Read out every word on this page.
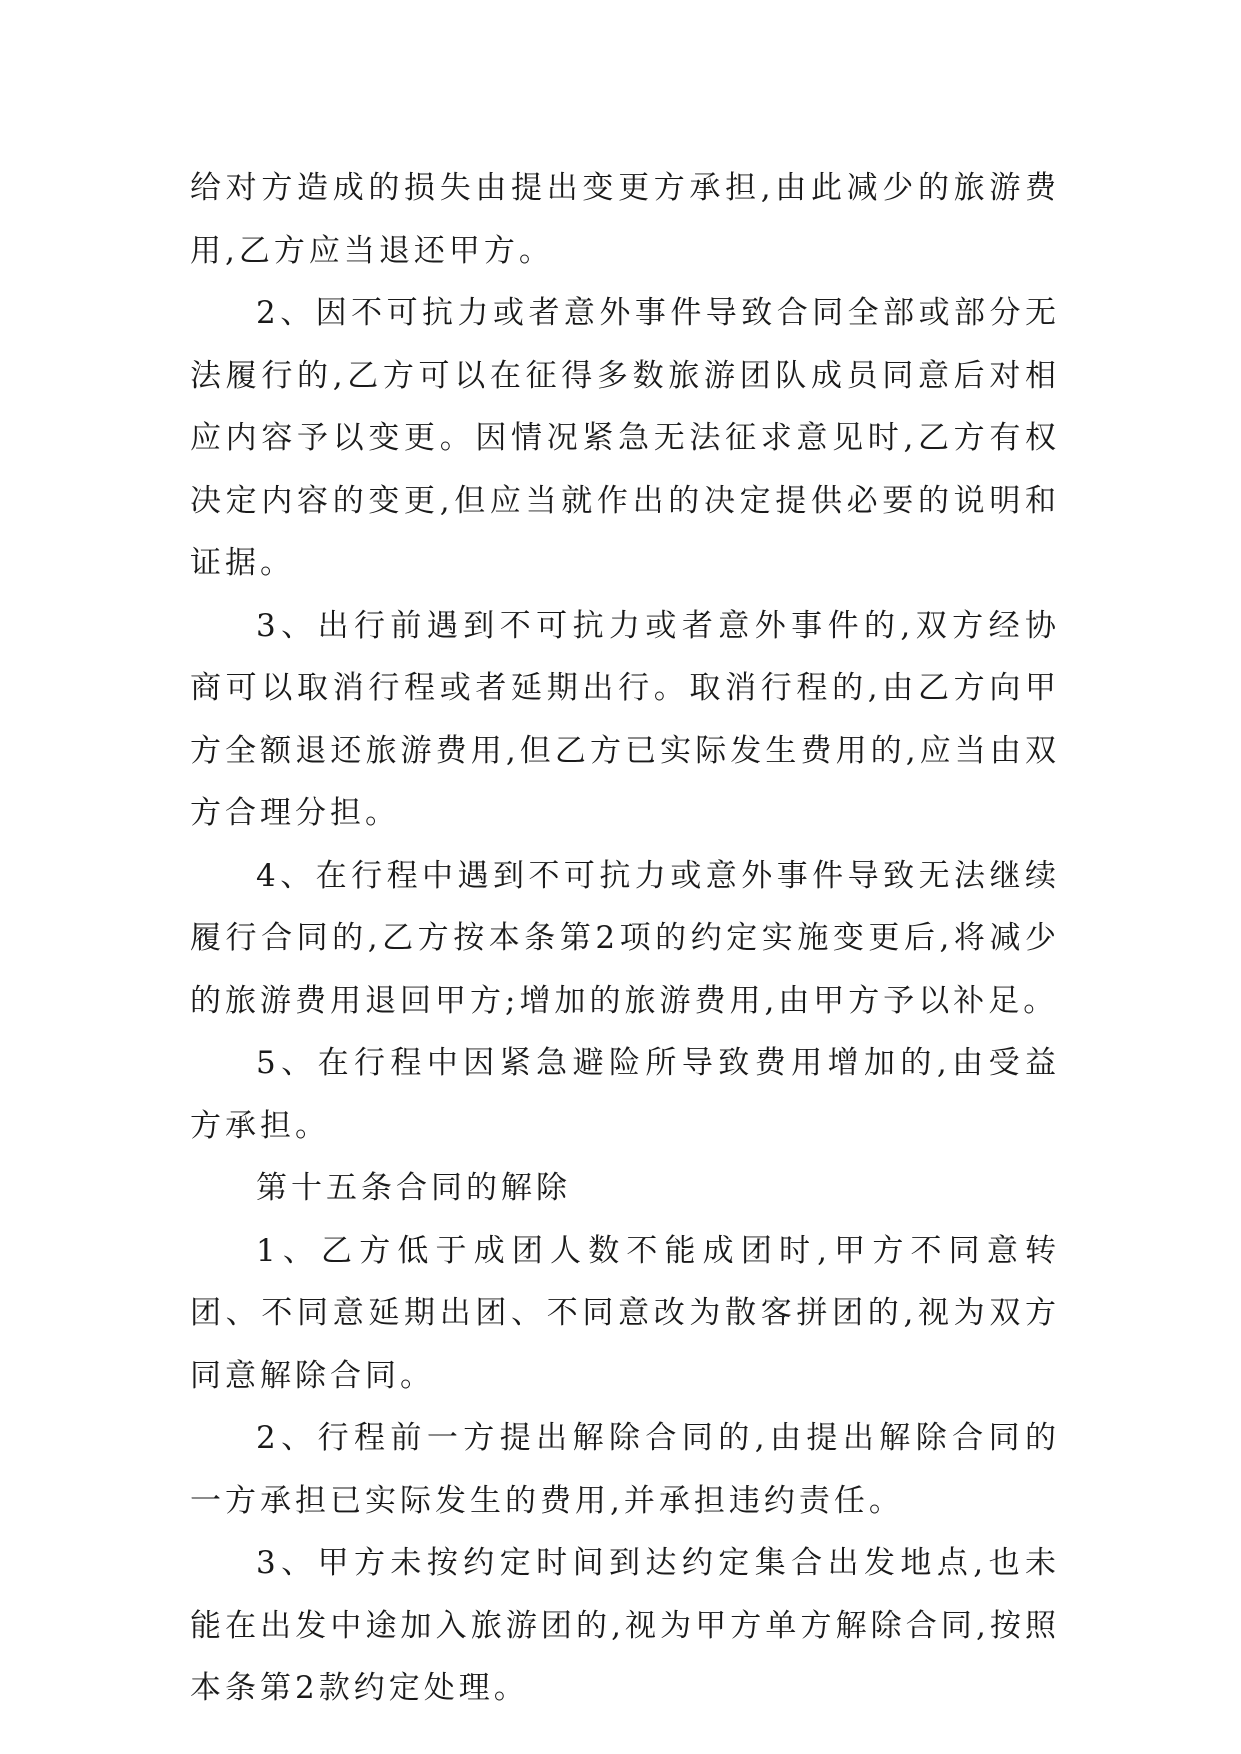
给对方造成的损失由提出变更方承担,由此减少的旅游费用,乙方应当退还甲方。

2、因不可抗力或者意外事件导致合同全部或部分无法履行的,乙方可以在征得多数旅游团队成员同意后对相应内容予以变更。因情况紧急无法征求意见时,乙方有权决定内容的变更,但应当就作出的决定提供必要的说明和证据。

3、出行前遇到不可抗力或者意外事件的,双方经协商可以取消行程或者延期出行。取消行程的,由乙方向甲方全额退还旅游费用,但乙方已实际发生费用的,应当由双方合理分担。

4、在行程中遇到不可抗力或意外事件导致无法继续履行合同的,乙方按本条第2项的约定实施变更后,将减少的旅游费用退回甲方;增加的旅游费用,由甲方予以补足。

5、在行程中因紧急避险所导致费用增加的,由受益方承担。

第十五条合同的解除

1、乙方低于成团人数不能成团时,甲方不同意转团、不同意延期出团、不同意改为散客拼团的,视为双方同意解除合同。

2、行程前一方提出解除合同的,由提出解除合同的一方承担已实际发生的费用,并承担违约责任。

3、甲方未按约定时间到达约定集合出发地点,也未能在出发中途加入旅游团的,视为甲方单方解除合同,按照本条第2款约定处理。
